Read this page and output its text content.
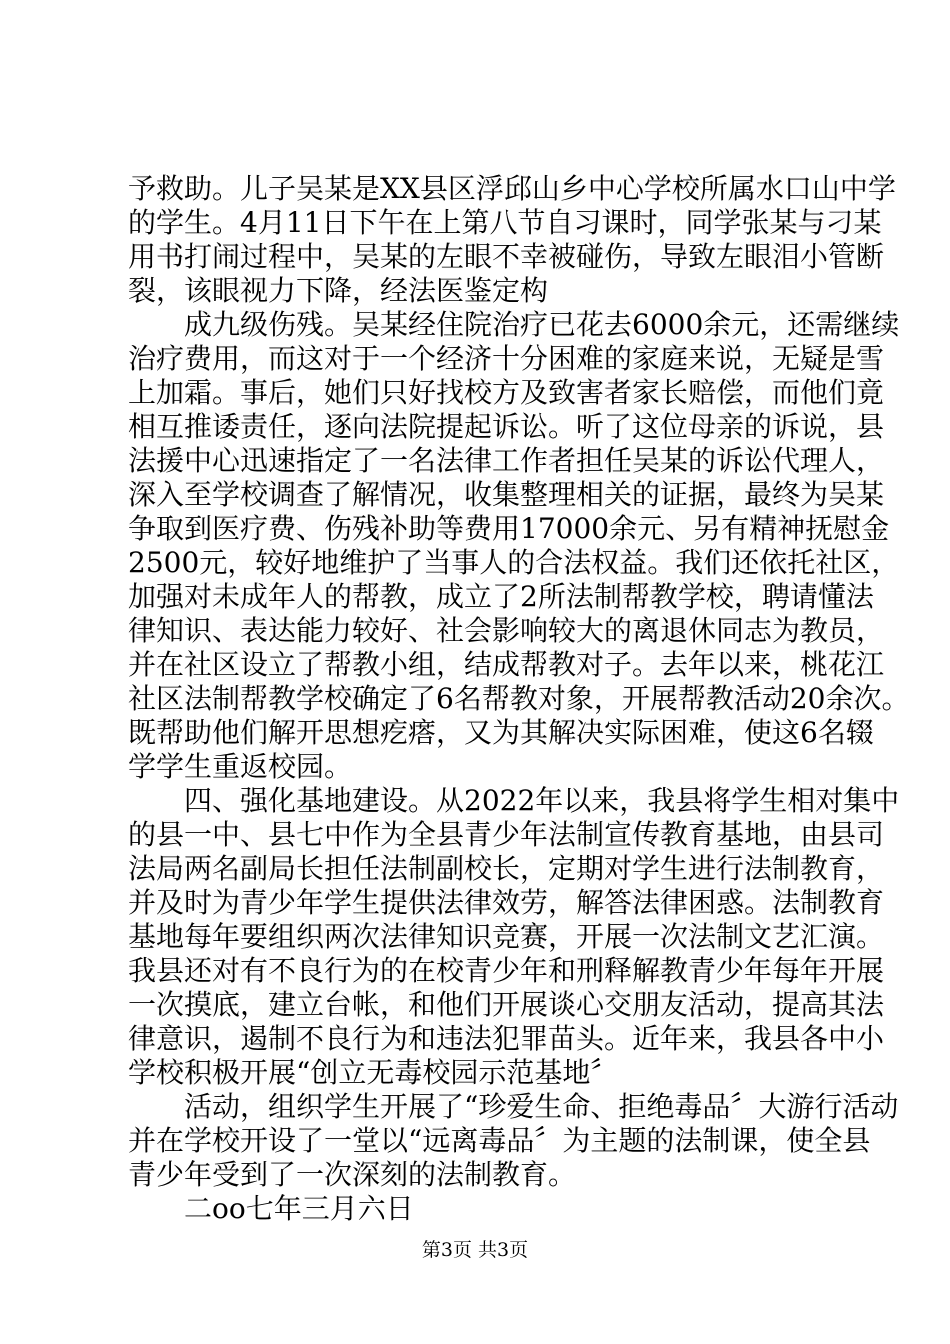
予救助。儿子吴某是XX县区浮邱山乡中心学校所属水口山中学
的学生。4月11日下午在上第八节自习课时，同学张某与刁某
用书打闹过程中，吴某的左眼不幸被碰伤，导致左眼泪小管断
裂，该眼视力下降，经法医鉴定构
成九级伤残。吴某经住院治疗已花去6000余元，还需继续
治疗费用，而这对于一个经济十分困难的家庭来说，无疑是雪
上加霜。事后，她们只好找校方及致害者家长赔偿，而他们竟
相互推诿责任，逐向法院提起诉讼。听了这位母亲的诉说，县
法援中心迅速指定了一名法律工作者担任吴某的诉讼代理人，
深入至学校调查了解情况，收集整理相关的证据，最终为吴某
争取到医疗费、伤残补助等费用17000余元、另有精神抚慰金
2500元，较好地维护了当事人的合法权益。我们还依托社区，
加强对未成年人的帮教，成立了2所法制帮教学校，聘请懂法
律知识、表达能力较好、社会影响较大的离退休同志为教员，
并在社区设立了帮教小组，结成帮教对子。去年以来，桃花江
社区法制帮教学校确定了6名帮教对象，开展帮教活动20余次。
既帮助他们解开思想疙瘩，又为其解决实际困难，使这6名辍
学学生重返校园。
四、强化基地建设。从2022年以来，我县将学生相对集中
的县一中、县七中作为全县青少年法制宣传教育基地，由县司
法局两名副局长担任法制副校长，定期对学生进行法制教育，
并及时为青少年学生提供法律效劳，解答法律困惑。法制教育
基地每年要组织两次法律知识竞赛，开展一次法制文艺汇演。
我县还对有不良行为的在校青少年和刑释解教青少年每年开展
一次摸底，建立台帐，和他们开展谈心交朋友活动，提高其法
律意识，遏制不良行为和违法犯罪苗头。近年来，我县各中小
学校积极开展“创立无毒校园示范基地〞
活动，组织学生开展了“珍爱生命、拒绝毒品〞大游行活动
并在学校开设了一堂以“远离毒品〞为主题的法制课，使全县
青少年受到了一次深刻的法制教育。
二oo七年三月六日
第3页 共3页
